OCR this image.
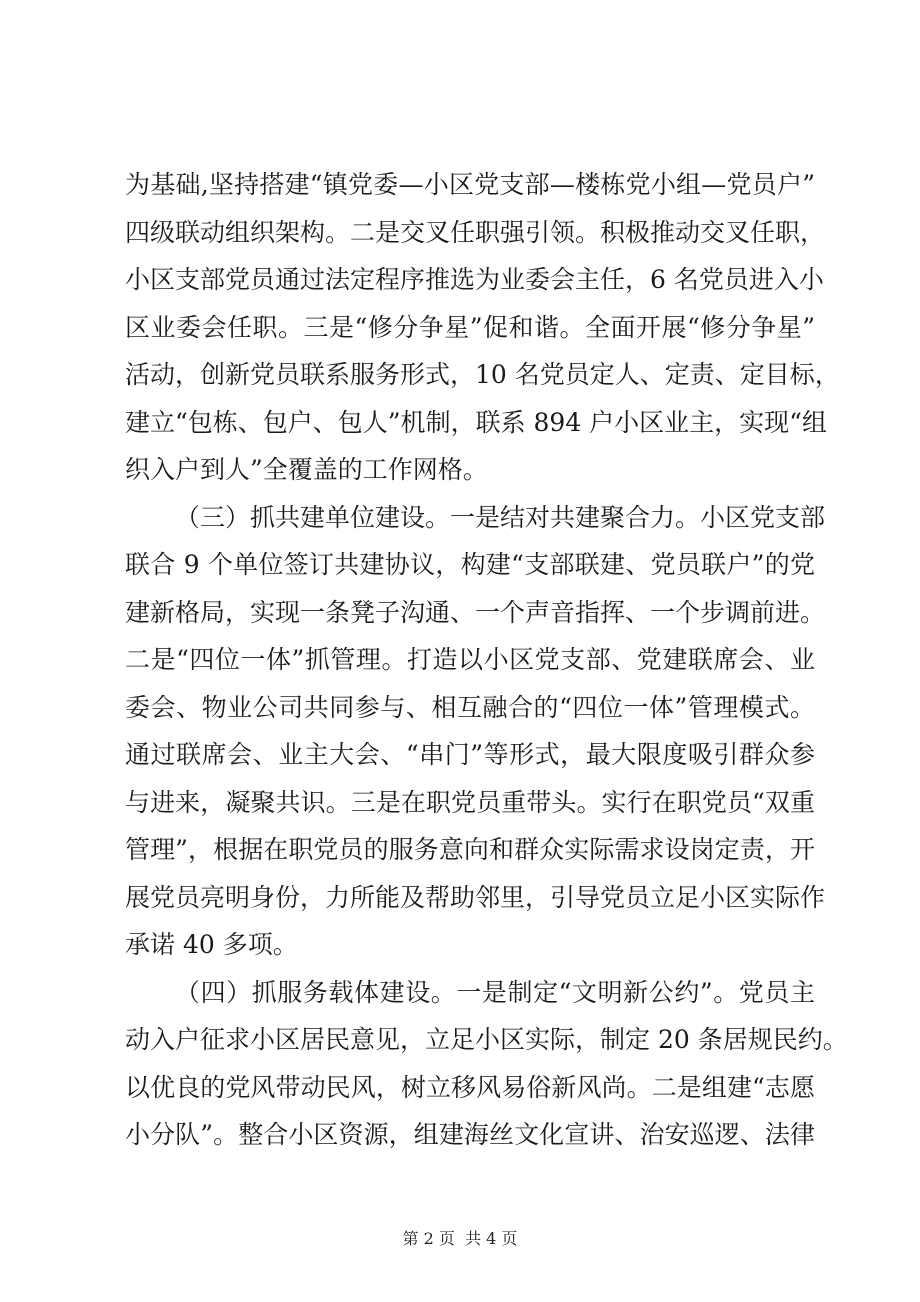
为基础,坚持搭建“镇党委—小区党支部—楼栋党小组—党员户”
四级联动组织架构。二是交叉任职强引领。积极推动交叉任职，
小区支部党员通过法定程序推选为业委会主任，6 名党员进入小
区业委会任职。三是“修分争星”促和谐。全面开展“修分争星”
活动，创新党员联系服务形式，10 名党员定人、定责、定目标，
建立“包栋、包户、包人”机制，联系 894 户小区业主，实现“组
织入户到人”全覆盖的工作网格。
（三）抓共建单位建设。一是结对共建聚合力。小区党支部
联合 9 个单位签订共建协议，构建“支部联建、党员联户”的党
建新格局，实现一条凳子沟通、一个声音指挥、一个步调前进。
二是“四位一体”抓管理。打造以小区党支部、党建联席会、业
委会、物业公司共同参与、相互融合的“四位一体”管理模式。
通过联席会、业主大会、“串门”等形式，最大限度吸引群众参
与进来，凝聚共识。三是在职党员重带头。实行在职党员“双重
管理”，根据在职党员的服务意向和群众实际需求设岗定责，开
展党员亮明身份，力所能及帮助邻里，引导党员立足小区实际作
承诺 40 多项。
（四）抓服务载体建设。一是制定“文明新公约”。党员主
动入户征求小区居民意见，立足小区实际，制定 20 条居规民约。
以优良的党风带动民风，树立移风易俗新风尚。二是组建“志愿
小分队”。整合小区资源，组建海丝文化宣讲、治安巡逻、法律
第 2 页  共 4 页
